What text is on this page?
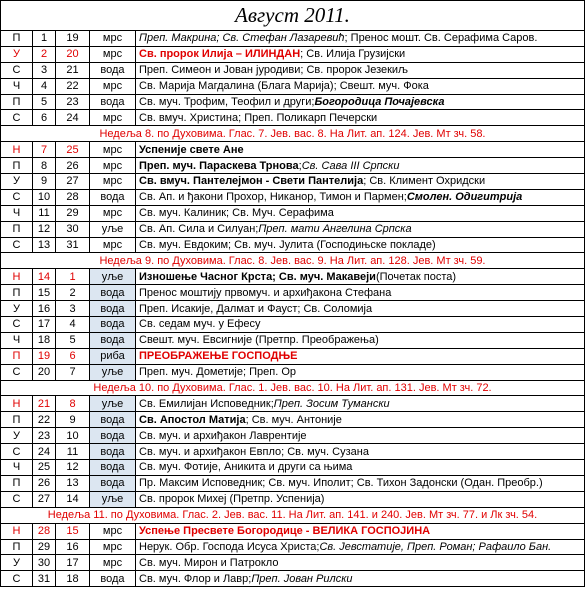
Август 2011.
П	1	19	мрс	Преп. Макрина; Св. Стефан Лазаревић ; Пренос мошт. Св. Серафима Саров.
У	2	20	мрс	Св. пророк Илија – ИЛИНДАН ; Св. Илија Грузијски
С	3	21	вода	Преп. Симеон и Јован јуродиви; Св. пророк Језекиљ
Ч	4	22	мрс	Св. Марија Магдалина (Блага Марија); Свешт. муч. Фока
П	5	23	вода	Св. муч. Трофим, Теофил и други; Богородица Почајевска
С	6	24	мрс	Св. вмуч. Христина; Преп. Поликарп Печерски
Недеља 8. по Духовима. Глас. 7. Јев. вас. 8. На Лит. ап. 124. Јев. Мт зч. 58.
Н	7	25	мрс	Успеније свете Ане
П	8	26	мрс	Преп. муч. Параскева Трнова ; Св. Сава III Српски
У	9	27	мрс	Св. вмуч. Пантелејмон - Свети Пантелија ; Св. Климент Охридски
С	10	28	вода	Св. Ап. и ђакони Прохор, Никанор, Тимон и Пармен; Смолен. Одигитрија
Ч	11	29	мрс	Св. муч. Калиник; Св. Муч. Серафима
П	12	30	уље	Св. Ап. Сила и Силуан; Преп. мати Ангелина Српска
С	13	31	мрс	Св. муч. Евдоким; Св. муч. Јулита (Господињске покладе)
Недеља 9. по Духовима. Глас. 8. Јев. вас. 9. На Лит. ап. 128. Јев. Мт зч. 59.
Н	14	1	уље	Изношење Часног Крста; Св. муч. Макавеји (Почетак поста)
П	15	2	вода	Пренос моштију првомуч. и архиђакона Стефана
У	16	3	вода	Преп. Исакије, Далмат и Фауст; Св. Соломија
С	17	4	вода	Св. седам муч. у Ефесу
Ч	18	5	вода	Свешт. муч. Евсигније (Претпр. Преображења)
П	19	6	риба	ПРЕОБРАЖЕЊЕ ГОСПОДЊЕ
С	20	7	уље	Преп. муч. Дометије; Преп. Ор
Недеља 10. по Духовима. Глас. 1. Јев. вас. 10. На Лит. ап. 131. Јев. Мт зч. 72.
Н	21	8	уље	Св. Емилијан Исповедник; Преп. Зосим Тумански
П	22	9	вода	Св. Апостол Матија ; Св. муч. Антоније
У	23	10	вода	Св. муч. и архиђакон Лаврентије
С	24	11	вода	Св. муч. и архиђакон Евпло; Св. муч. Сузана
Ч	25	12	вода	Св. муч. Фотије, Аникита и други са њима
П	26	13	вода	Пр. Максим Исповедник; Св. муч. Иполит; Св. Тихон Задонски (Одан. Преобр.)
С	27	14	уље	Св. пророк Михеј (Претпр. Успенија)
Недеља 11. по Духовима. Глас. 2. Јев. вас. 11. На Лит. ап. 141. и 240. Јев. Мт зч. 77. и Лк зч. 54.
Н	28	15	мрс	Успење Пресвете Богородице - ВЕЛИКА ГОСПОЈИНА
П	29	16	мрс	Нерук. Обр. Господа Исуса Христа; Св. Јевстатије, Преп. Роман; Рафаило Бан.
У	30	17	мрс	Св. муч. Мирон и Патрокло
С	31	18	вода	Св. муч. Флор и Лавр; Преп. Јован Рилски
